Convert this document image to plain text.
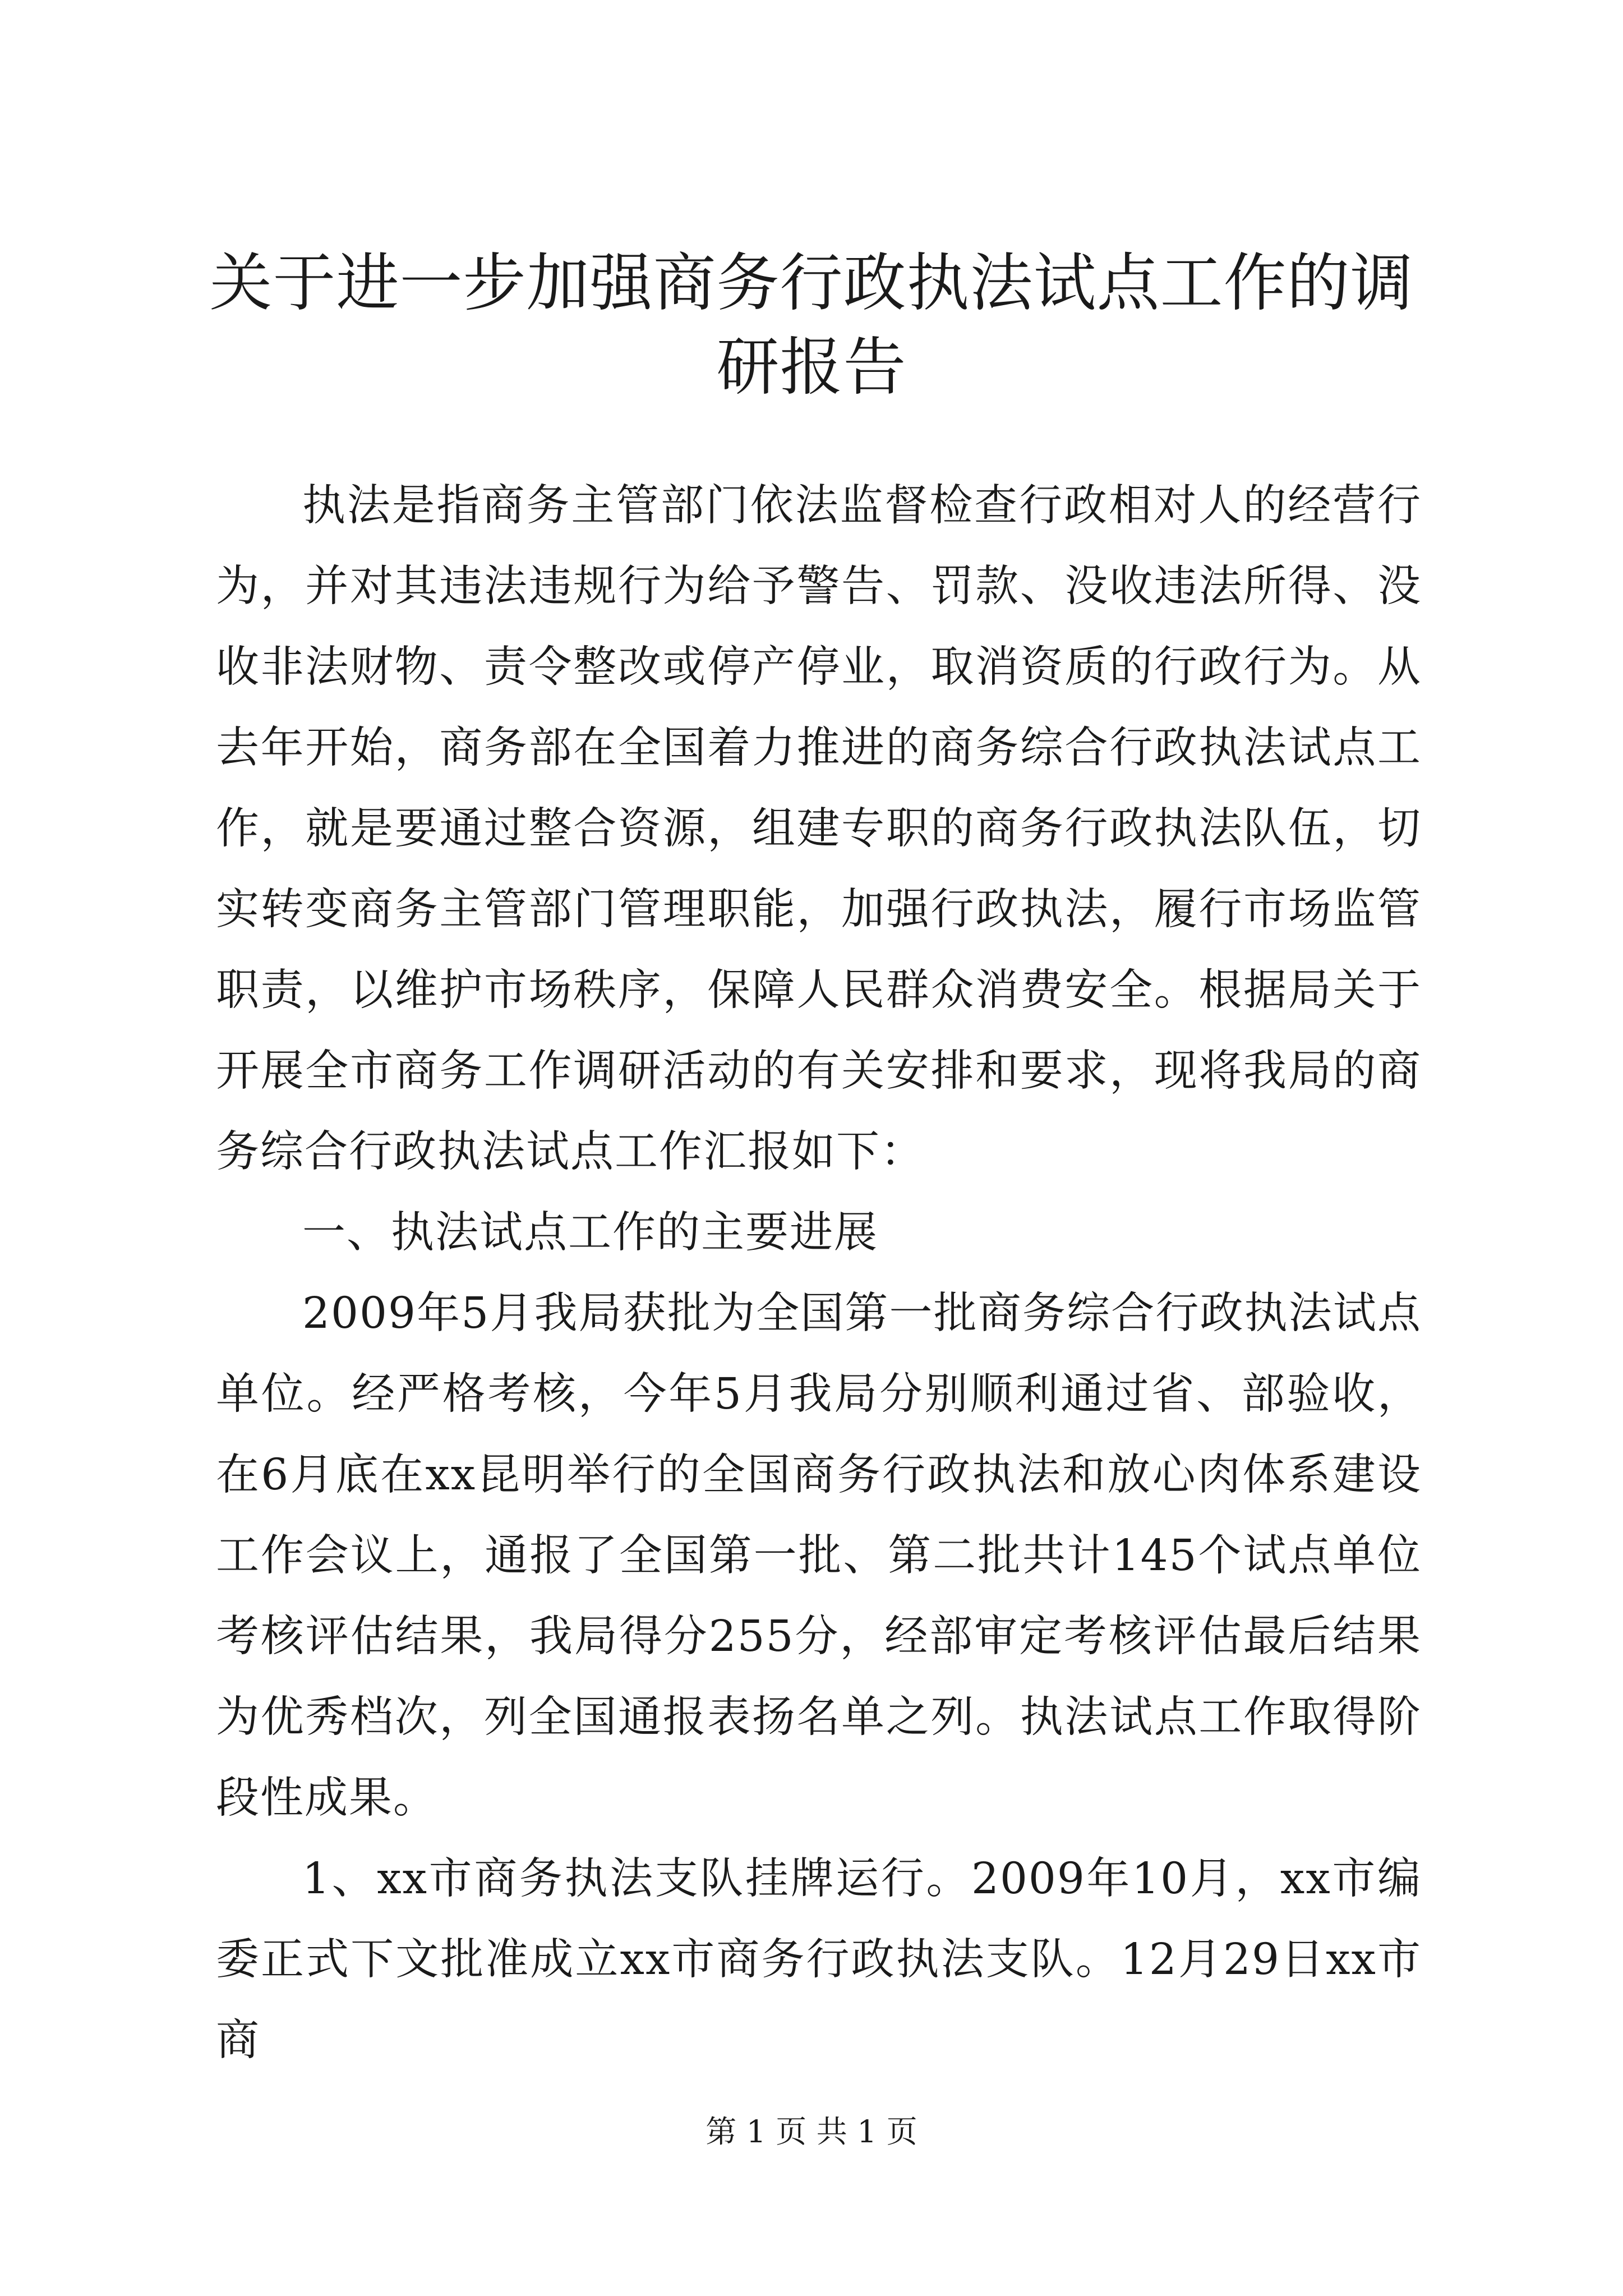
关于进一步加强商务行政执法试点工作的调研报告

执法是指商务主管部门依法监督检查行政相对人的经营行为，并对其违法违规行为给予警告、罚款、没收违法所得、没收非法财物、责令整改或停产停业，取消资质的行政行为。从去年开始，商务部在全国着力推进的商务综合行政执法试点工作，就是要通过整合资源，组建专职的商务行政执法队伍，切实转变商务主管部门管理职能，加强行政执法，履行市场监管职责，以维护市场秩序，保障人民群众消费安全。根据局关于开展全市商务工作调研活动的有关安排和要求，现将我局的商务综合行政执法试点工作汇报如下：

一、执法试点工作的主要进展

2009年5月我局获批为全国第一批商务综合行政执法试点单位。经严格考核，今年5月我局分别顺利通过省、部验收，在6月底在xx昆明举行的全国商务行政执法和放心肉体系建设工作会议上，通报了全国第一批、第二批共计145个试点单位考核评估结果，我局得分255分，经部审定考核评估最后结果为优秀档次，列全国通报表扬名单之列。执法试点工作取得阶段性成果。

1、xx市商务执法支队挂牌运行。2009年10月，xx市编委正式下文批准成立xx市商务行政执法支队。12月29日xx市商

第 1 页 共 1 页
